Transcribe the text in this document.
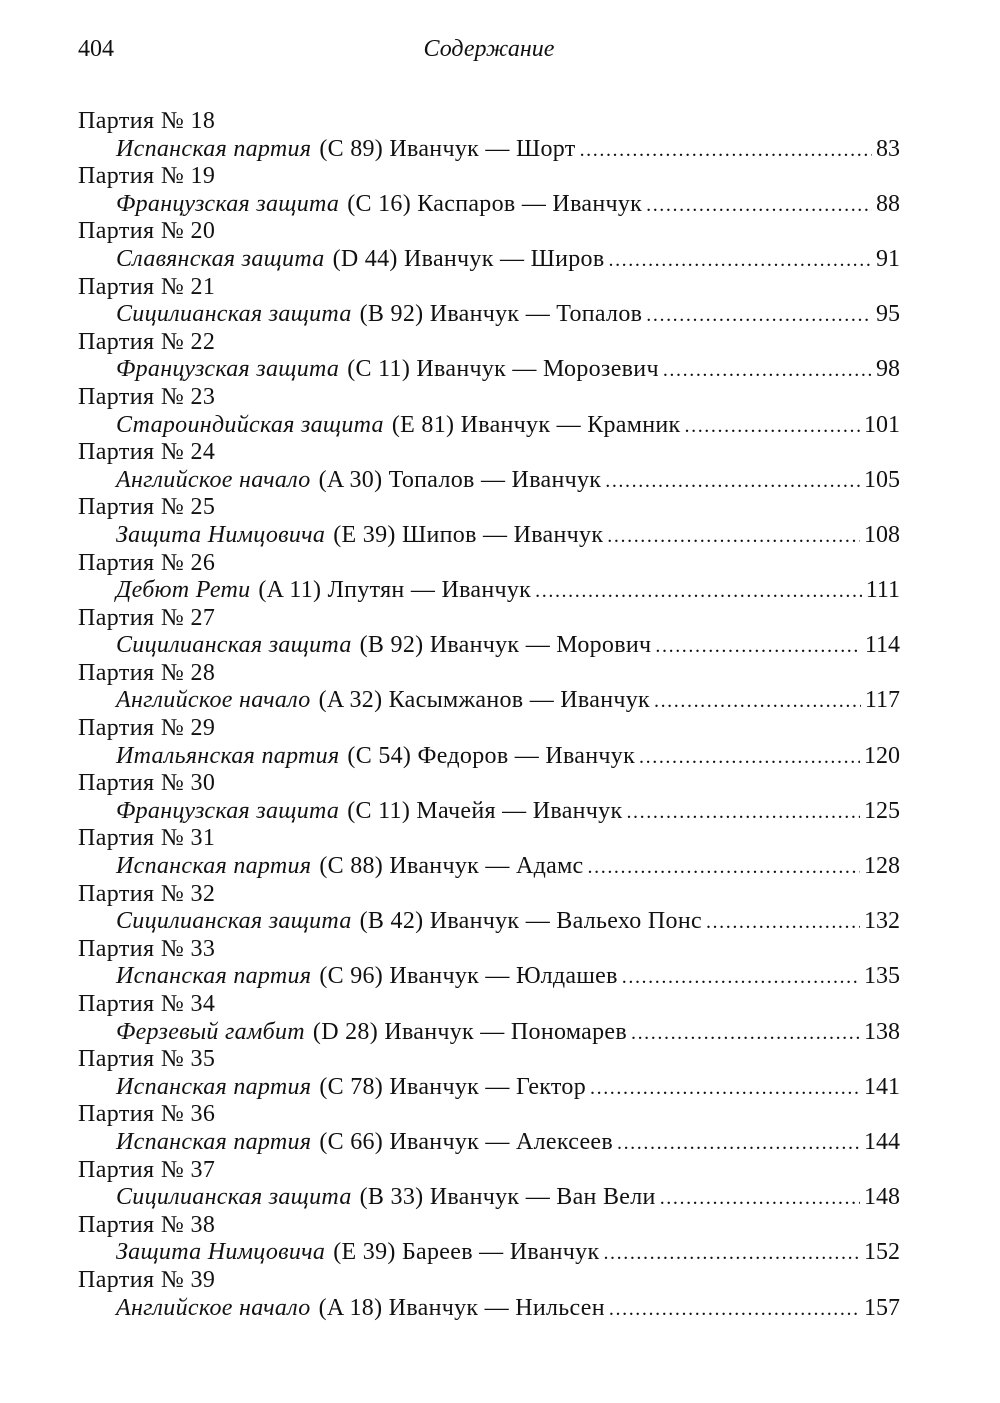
404	Содержание
Партия № 18
Испанская партия (C 89) Иванчук — Шорт .....	83
Партия № 19
Французская защита (C 16) Каспаров — Иванчук .....	88
Партия № 20
Славянская защита (D 44) Иванчук — Широв .....	91
Партия № 21
Сицилианская защита (B 92) Иванчук — Топалов .....	95
Партия № 22
Французская защита (C 11) Иванчук — Морозевич .....	98
Партия № 23
Староиндийская защита (E 81) Иванчук — Крамник .....	101
Партия № 24
Английское начало (A 30) Топалов — Иванчук .....	105
Партия № 25
Защита Нимцовича (E 39) Шипов — Иванчук .....	108
Партия № 26
Дебют Рети (A 11) Лпутян — Иванчук .....	111
Партия № 27
Сицилианская защита (B 92) Иванчук — Морович .....	114
Партия № 28
Английское начало (A 32) Касымжанов — Иванчук .....	117
Партия № 29
Итальянская партия (C 54) Федоров — Иванчук .....	120
Партия № 30
Французская защита (C 11) Мачейя — Иванчук .....	125
Партия № 31
Испанская партия (C 88) Иванчук — Адамс .....	128
Партия № 32
Сицилианская защита (B 42) Иванчук — Вальехо Понс .....	132
Партия № 33
Испанская партия (C 96) Иванчук — Юлдашев .....	135
Партия № 34
Ферзевый гамбит (D 28) Иванчук — Пономарев .....	138
Партия № 35
Испанская партия (C 78) Иванчук — Гектор .....	141
Партия № 36
Испанская партия (C 66) Иванчук — Алексеев .....	144
Партия № 37
Сицилианская защита (B 33) Иванчук — Ван Вели .....	148
Партия № 38
Защита Нимцовича (E 39) Бареев — Иванчук .....	152
Партия № 39
Английское начало (A 18) Иванчук — Нильсен .....	157
